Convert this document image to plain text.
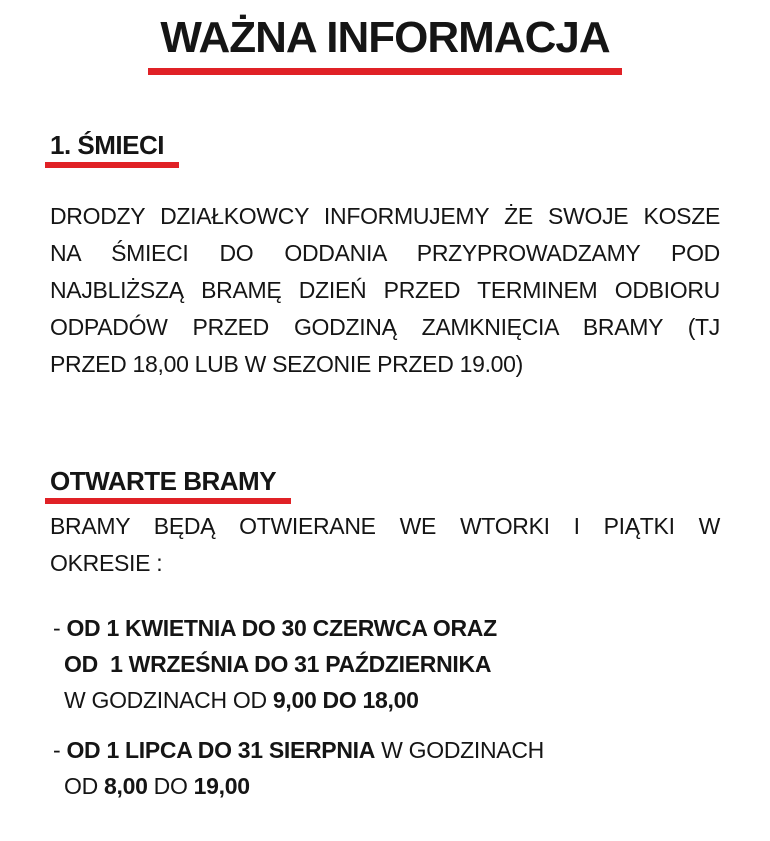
WAŻNA INFORMACJA
1. ŚMIECI
DRODZY DZIAŁKOWCY INFORMUJEMY ŻE SWOJE KOSZE
NA ŚMIECI DO ODDANIA PRZYPROWADZAMY POD
NAJBLIŻSZĄ BRAMĘ DZIEŃ PRZED TERMINEM ODBIORU
ODPADÓW PRZED GODZINĄ ZAMKNIĘCIA BRAMY (TJ
PRZED 18,00 LUB W SEZONIE PRZED 19.00)
OTWARTE BRAMY
BRAMY BĘDĄ OTWIERANE WE WTORKI I PIĄTKI W
OKRESIE :
- OD 1 KWIETNIA DO 30 CZERWCA ORAZ
OD  1 WRZEŚNIA DO 31 PAŹDZIERNIKA
W GODZINACH OD 9,00 DO 18,00
- OD 1 LIPCA DO 31 SIERPNIA W GODZINACH
OD 8,00 DO 19,00
